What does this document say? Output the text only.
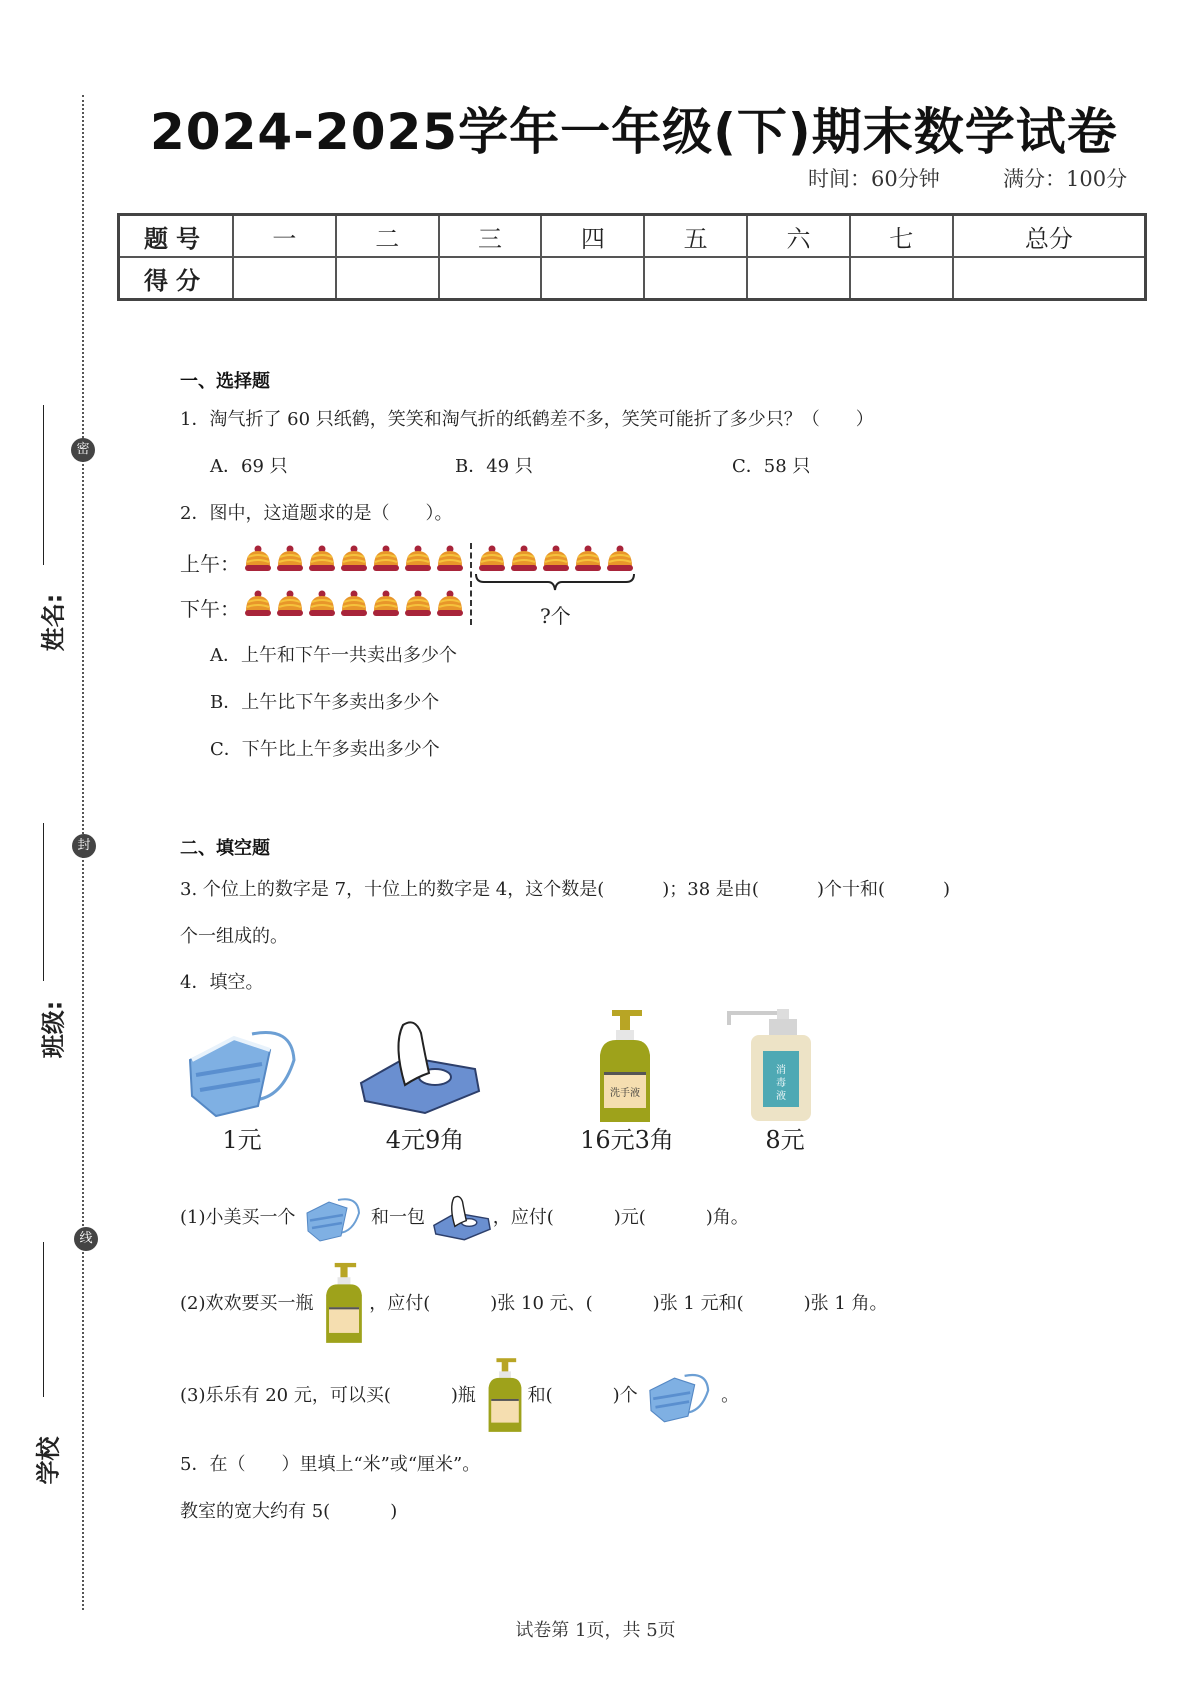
密
封
线
姓名:
班级:
学校
2024-2025学年一年级(下)期末数学试卷
时间：60分钟	满分：100分
题号	一	二	三	四	五	六	七	总分
得分								
一、选择题
1．淘气折了 60 只纸鹤，笑笑和淘气折的纸鹤差不多，笑笑可能折了多少只？（　　）
A．69 只	B．49 只	C．58 只
2．图中，这道题求的是（　　）。
上午：
下午：	?个
A．上午和下午一共卖出多少个
B．上午比下午多卖出多少个
C．下午比上午多卖出多少个
二、填空题
3. 个位上的数字是 7，十位上的数字是 4，这个数是(	)；38 是由(	)个十和(	)
个一组成的。
4．填空。
洗手液
消
毒
液
1元	4元9角	16元3角	8元
(1)小美买一个	和一包	，应付(	)元(	)角。
(2)欢欢要买一瓶	，应付(	)张 10 元、(	)张 1 元和(	)张 1 角。
(3)乐乐有 20 元，可以买(	)瓶	和(	)个	。
5．在（　　）里填上“米”或“厘米”。
教室的宽大约有 5(	)
试卷第 1页，共 5页
